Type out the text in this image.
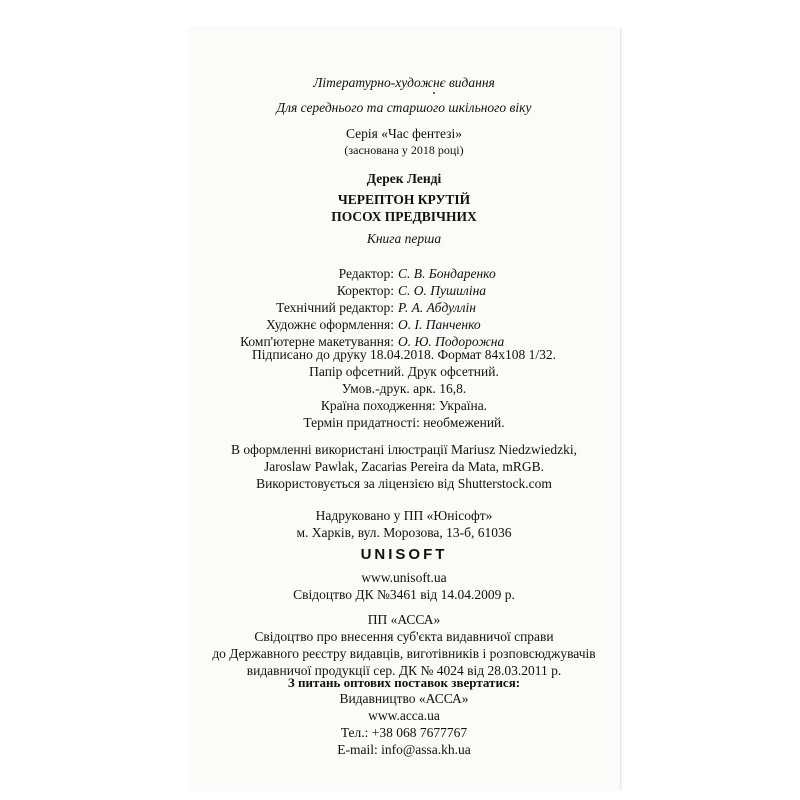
Літературно-художнє видання
Для середнього та старшого шкільного віку
Серія «Час фентезі»
(заснована у 2018 році)
Дерек Ленді
ЧЕРЕПТОН КРУТІЙ
ПОСОХ ПРЕДВІЧНИХ
Книга перша
Редактор: С. В. Бондаренко
Коректор: С. О. Пушиліна
Технічний редактор: Р. А. Абдуллін
Художнє оформлення: О. І. Панченко
Комп'ютерне макетування: О. Ю. Подорожна
Підписано до друку 18.04.2018. Формат 84х108 1/32.
Папір офсетний. Друк офсетний.
Умов.-друк. арк. 16,8.
Країна походження: Україна.
Термін придатності: необмежений.
В оформленні використані ілюстрації Mariusz Niedzwiedzki,
Jaroslaw Pawlak, Zacarias Pereira da Mata, mRGB.
Використовується за ліцензією від Shutterstock.com
Надруковано у ПП «Юнісофт»
м. Харків, вул. Морозова, 13-б, 61036
UNISOFT
www.unisoft.ua
Свідоцтво ДК №3461 від 14.04.2009 р.
ПП «АССА»
Свідоцтво про внесення суб'єкта видавничої справи
до Державного реєстру видавців, виготівників і розповсюджувачів
видавничої продукції сер. ДК № 4024 від 28.03.2011 р.
З питань оптових поставок звертатися:
Видавництво «АССА»
www.acca.ua
Тел.: +38 068 7677767
E-mail: info@assa.kh.ua
